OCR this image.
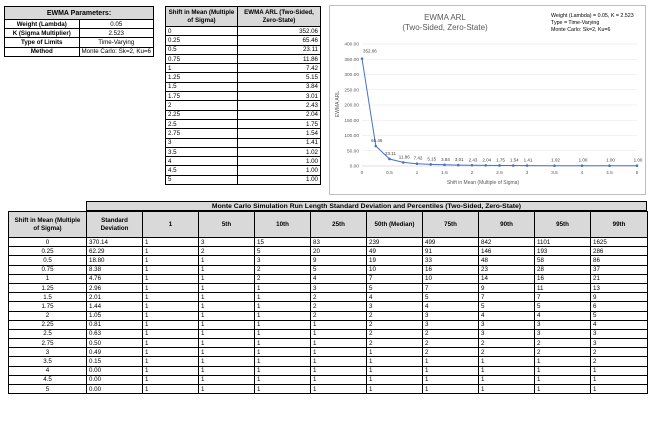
EWMA Parameters:	
Weight (Lambda)	0.05
K (Sigma Multiplier)	2.523
Type of Limits	Time-Varying
Method	Monte Carlo: Sk=2, Ku=6
Shift in Mean (Multiple of Sigma)	EWMA ARL (Two-Sided, Zero-State)
0	352.06
0.25	65.46
0.5	23.11
0.75	11.86
1	7.42
1.25	5.15
1.5	3.84
1.75	3.01
2	2.43
2.25	2.04
2.5	1.75
2.75	1.54
3	1.41
3.5	1.02
4	1.00
4.5	1.00
5	1.00
EWMA ARL
(Two-Sided, Zero-State)
Weight (Lambda) = 0.05, K = 2.523
Type = Time-Varying
Monte Carlo: Sk=2, Ku=6
0.00
50.00
100.00
150.00
200.00
250.00
300.00
350.00
400.00
0	0.5	1	1.5	2	2.5	3	3.5	4	4.5	5
352.06
65.46
23.11
11.86 7.42 5.15 3.84 3.01 2.43 2.04 1.75 1.54 1.41	1.02	1.00	1.00	1.00
Shift in Mean (Multiple of Sigma)
EWMA ARL
Monte Carlo Simulation Run Length Standard Deviation and Percentiles (Two-Sided, Zero-State)
Shift in Mean (Multiple of Sigma)	Standard Deviation	1	5th	10th	25th	50th (Median)	75th	90th	95th	99th
0	370.14	1	3	15	83	239	499	842	1101	1625
0.25	62.29	1	2	5	20	49	91	146	193	286
0.5	18.80	1	1	3	9	19	33	48	58	86
0.75	8.38	1	1	2	5	10	16	23	28	37
1	4.76	1	1	2	4	7	10	14	16	21
1.25	2.96	1	1	1	3	5	7	9	11	13
1.5	2.01	1	1	1	2	4	5	7	7	9
1.75	1.44	1	1	1	2	3	4	5	5	6
2	1.05	1	1	1	2	2	3	4	4	5
2.25	0.81	1	1	1	1	2	3	3	3	4
2.5	0.63	1	1	1	1	2	2	3	3	3
2.75	0.50	1	1	1	1	2	2	2	2	3
3	0.49	1	1	1	1	1	2	2	2	2
3.5	0.15	1	1	1	1	1	1	1	1	2
4	0.00	1	1	1	1	1	1	1	1	1
4.5	0.00	1	1	1	1	1	1	1	1	1
5	0.00	1	1	1	1	1	1	1	1	1
